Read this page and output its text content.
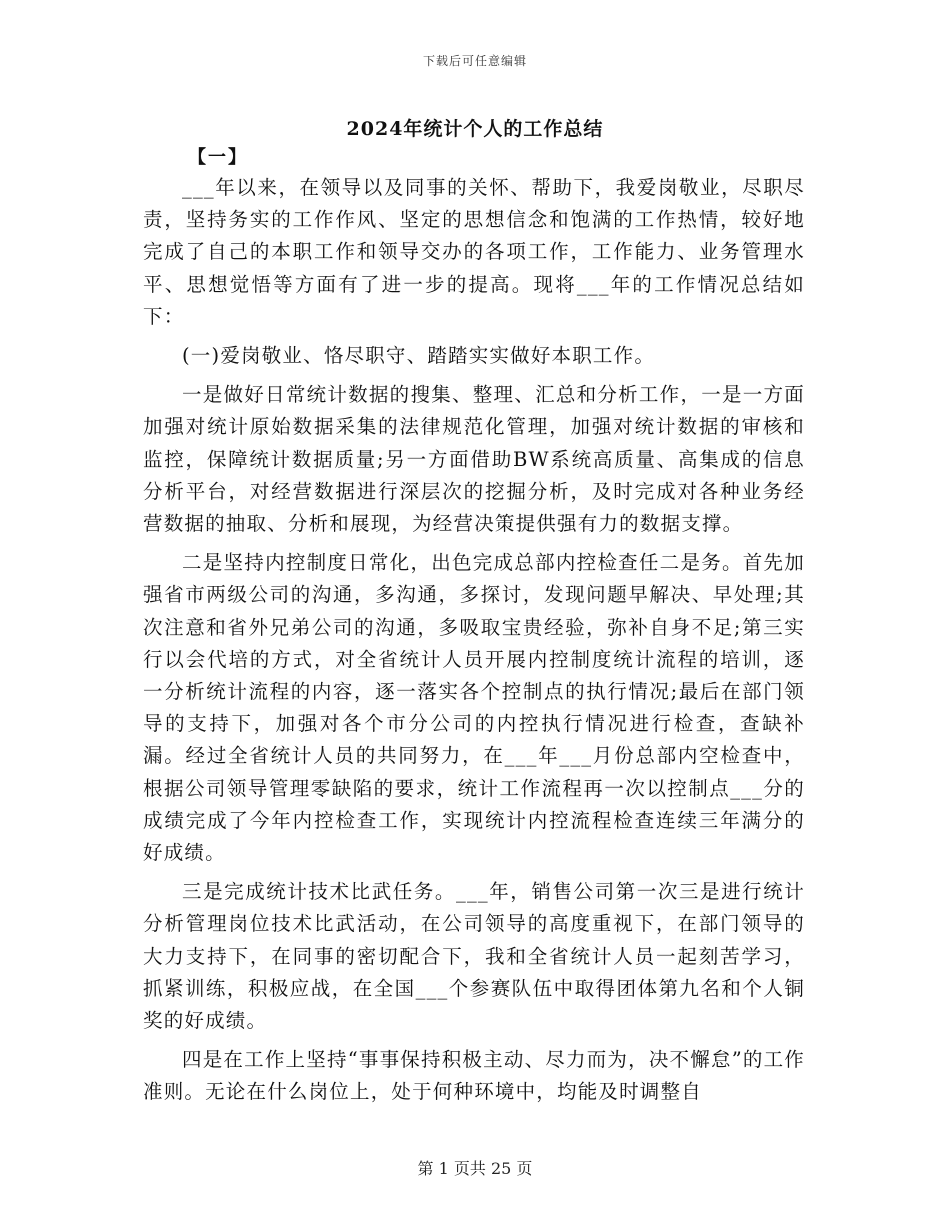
下载后可任意编辑
2024年统计个人的工作总结
【一】

___年以来，在领导以及同事的关怀、帮助下，我爱岗敬业，尽职尽责，坚持务实的工作作风、坚定的思想信念和饱满的工作热情，较好地完成了自己的本职工作和领导交办的各项工作，工作能力、业务管理水平、思想觉悟等方面有了进一步的提高。现将___年的工作情况总结如下：

(一)爱岗敬业、恪尽职守、踏踏实实做好本职工作。

一是做好日常统计数据的搜集、整理、汇总和分析工作，一是一方面加强对统计原始数据采集的法律规范化管理，加强对统计数据的审核和监控，保障统计数据质量;另一方面借助BW系统高质量、高集成的信息分析平台，对经营数据进行深层次的挖掘分析，及时完成对各种业务经营数据的抽取、分析和展现，为经营决策提供强有力的数据支撑。

二是坚持内控制度日常化，出色完成总部内控检查任二是务。首先加强省市两级公司的沟通，多沟通，多探讨，发现问题早解决、早处理;其次注意和省外兄弟公司的沟通，多吸取宝贵经验，弥补自身不足;第三实行以会代培的方式，对全省统计人员开展内控制度统计流程的培训，逐一分析统计流程的内容，逐一落实各个控制点的执行情况;最后在部门领导的支持下，加强对各个市分公司的内控执行情况进行检查，查缺补漏。经过全省统计人员的共同努力，在___年___月份总部内空检查中，根据公司领导管理零缺陷的要求，统计工作流程再一次以控制点___分的成绩完成了今年内控检查工作，实现统计内控流程检查连续三年满分的好成绩。

三是完成统计技术比武任务。___年，销售公司第一次三是进行统计分析管理岗位技术比武活动，在公司领导的高度重视下，在部门领导的大力支持下，在同事的密切配合下，我和全省统计人员一起刻苦学习，抓紧训练，积极应战，在全国___个参赛队伍中取得团体第九名和个人铜奖的好成绩。

四是在工作上坚持“事事保持积极主动、尽力而为，决不懈怠”的工作准则。无论在什么岗位上，处于何种环境中，均能及时调整自

第 1 页共 25 页
